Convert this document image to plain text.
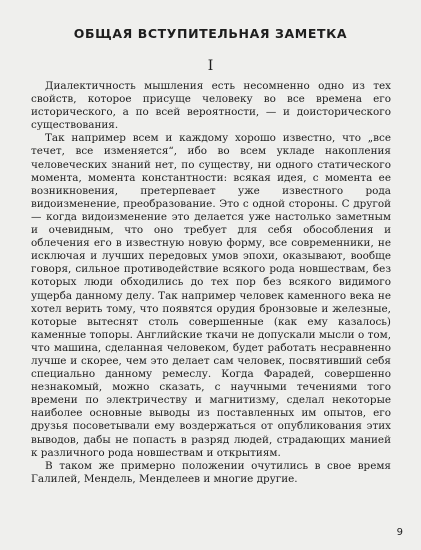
ОБЩАЯ ВСТУПИТЕЛЬНАЯ ЗАМЕТКА
I

Диалектичность мышления есть несомненно одно из тех свойств, которое присуще человеку во все времена его исторического, а по всей вероятности, — и доисторического существования.

Так например всем и каждому хорошо известно, что „все течет, все изменяется“, ибо во всем укладе накопления человеческих знаний нет, по существу, ни одного статического момента, момента константности: всякая идея, с момента ее возникновения, претерпевает уже известного рода видоизменение, преобразование. Это с одной стороны. С другой — когда видоизменение это делается уже настолько заметным и очевидным, что оно требует для себя обособления и облечения его в известную новую форму, все современники, не исключая и лучших передовых умов эпохи, оказывают, вообще говоря, сильное противодействие всякого рода новшествам, без которых люди обходились до тех пор без всякого видимого ущерба данному делу. Так например человек каменного века не хотел верить тому, что появятся орудия бронзовые и железные, которые вытеснят столь совершенные (как ему казалось) каменные топоры. Английские ткачи не допускали мысли о том, что машина, сделанная человеком, будет работать несравненно лучше и скорее, чем это делает сам человек, посвятивший себя специально данному ремеслу. Когда Фарадей, совершенно незнакомый, можно сказать, с научными течениями того времени по электричеству и магнитизму, сделал некоторые наиболее основные выводы из поставленных им опытов, его друзья посоветывали ему воздержаться от опубликования этих выводов, дабы не попасть в разряд людей, страдающих манией к различного рода новшествам и открытиям.

В таком же примерно положении очутились в свое время Галилей, Мендель, Менделеев и многие другие.

9
